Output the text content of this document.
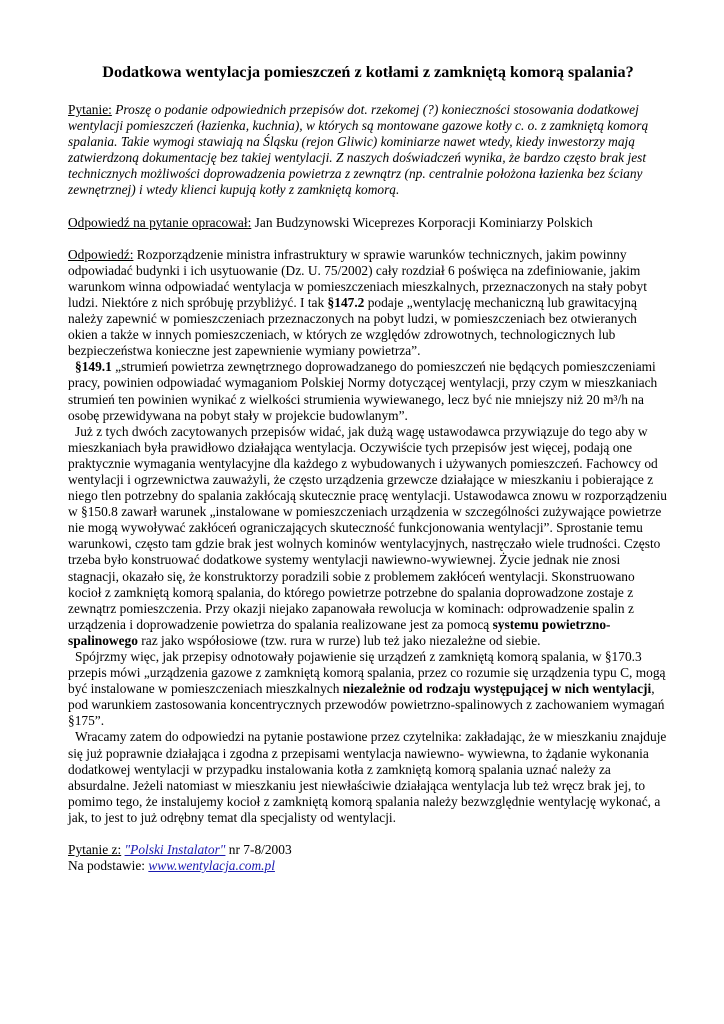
Dodatkowa wentylacja pomieszczeń z kotłami z zamkniętą komorą spalania?

Pytanie: Proszę o podanie odpowiednich przepisów dot. rzekomej (?) konieczności stosowania dodatkowej wentylacji pomieszczeń (łazienka, kuchnia), w których są montowane gazowe kotły c. o. z zamkniętą komorą spalania. Takie wymogi stawiają na Śląsku (rejon Gliwic) kominiarze nawet wtedy, kiedy inwestorzy mają zatwierdzoną dokumentację bez takiej wentylacji. Z naszych doświadczeń wynika, że bardzo często brak jest technicznych możliwości doprowadzenia powietrza z zewnątrz (np. centralnie położona łazienka bez ściany zewnętrznej) i wtedy klienci kupują kotły z zamkniętą komorą.

Odpowiedź na pytanie opracował: Jan Budzynowski Wiceprezes Korporacji Kominiarzy Polskich

Odpowiedź: Rozporządzenie ministra infrastruktury w sprawie warunków technicznych, jakim powinny odpowiadać budynki i ich usytuowanie (Dz. U. 75/2002) cały rozdział 6 poświęca na zdefiniowanie, jakim warunkom winna odpowiadać wentylacja w pomieszczeniach mieszkalnych, przeznaczonych na stały pobyt ludzi. Niektóre z nich spróbuję przybliżyć. I tak §147.2 podaje „wentylację mechaniczną lub grawitacyjną należy zapewnić w pomieszczeniach przeznaczonych na pobyt ludzi, w pomieszczeniach bez otwieranych okien a także w innych pomieszczeniach, w których ze względów zdrowotnych, technologicznych lub bezpieczeństwa konieczne jest zapewnienie wymiany powietrza”.

§149.1 „strumień powietrza zewnętrznego doprowadzanego do pomieszczeń nie będących pomieszczeniami pracy, powinien odpowiadać wymaganiom Polskiej Normy dotyczącej wentylacji, przy czym w mieszkaniach strumień ten powinien wynikać z wielkości strumienia wywiewanego, lecz być nie mniejszy niż 20 m³/h na osobę przewidywana na pobyt stały w projekcie budowlanym”.

Już z tych dwóch zacytowanych przepisów widać, jak dużą wagę ustawodawca przywiązuje do tego aby w mieszkaniach była prawidłowo działająca wentylacja. Oczywiście tych przepisów jest więcej, podają one praktycznie wymagania wentylacyjne dla każdego z wybudowanych i używanych pomieszczeń. Fachowcy od wentylacji i ogrzewnictwa zauważyli, że często urządzenia grzewcze działające w mieszkaniu i pobierające z niego tlen potrzebny do spalania zakłócają skutecznie pracę wentylacji. Ustawodawca znowu w rozporządzeniu w §150.8 zawarł warunek „instalowane w pomieszczeniach urządzenia w szczególności zużywające powietrze nie mogą wywoływać zakłóceń ograniczających skuteczność funkcjonowania wentylacji”. Sprostanie temu warunkowi, często tam gdzie brak jest wolnych kominów wentylacyjnych, nastręczało wiele trudności. Często trzeba było konstruować dodatkowe systemy wentylacji nawiewno-wywiewnej. Życie jednak nie znosi stagnacji, okazało się, że konstruktorzy poradzili sobie z problemem zakłóceń wentylacji. Skonstruowano kocioł z zamkniętą komorą spalania, do którego powietrze potrzebne do spalania doprowadzone zostaje z zewnątrz pomieszczenia. Przy okazji niejako zapanowała rewolucja w kominach: odprowadzenie spalin z urządzenia i doprowadzenie powietrza do spalania realizowane jest za pomocą systemu powietrzno-spalinowego raz jako współosiowe (tzw. rura w rurze) lub też jako niezależne od siebie.

Spójrzmy więc, jak przepisy odnotowały pojawienie się urządzeń z zamkniętą komorą spalania, w §170.3 przepis mówi „urządzenia gazowe z zamkniętą komorą spalania, przez co rozumie się urządzenia typu C, mogą być instalowane w pomieszczeniach mieszkalnych niezależnie od rodzaju występującej w nich wentylacji, pod warunkiem zastosowania koncentrycznych przewodów powietrzno-spalinowych z zachowaniem wymagań §175”.

Wracamy zatem do odpowiedzi na pytanie postawione przez czytelnika: zakładając, że w mieszkaniu znajduje się już poprawnie działająca i zgodna z przepisami wentylacja nawiewno- wywiewna, to żądanie wykonania dodatkowej wentylacji w przypadku instalowania kotła z zamkniętą komorą spalania uznać należy za absurdalne. Jeżeli natomiast w mieszkaniu jest niewłaściwie działająca wentylacja lub też wręcz brak jej, to pomimo tego, że instalujemy kocioł z zamkniętą komorą spalania należy bezwzględnie wentylację wykonać, a jak, to jest to już odrębny temat dla specjalisty od wentylacji.

Pytanie z: "Polski Instalator" nr 7-8/2003

Na podstawie: www.wentylacja.com.pl
